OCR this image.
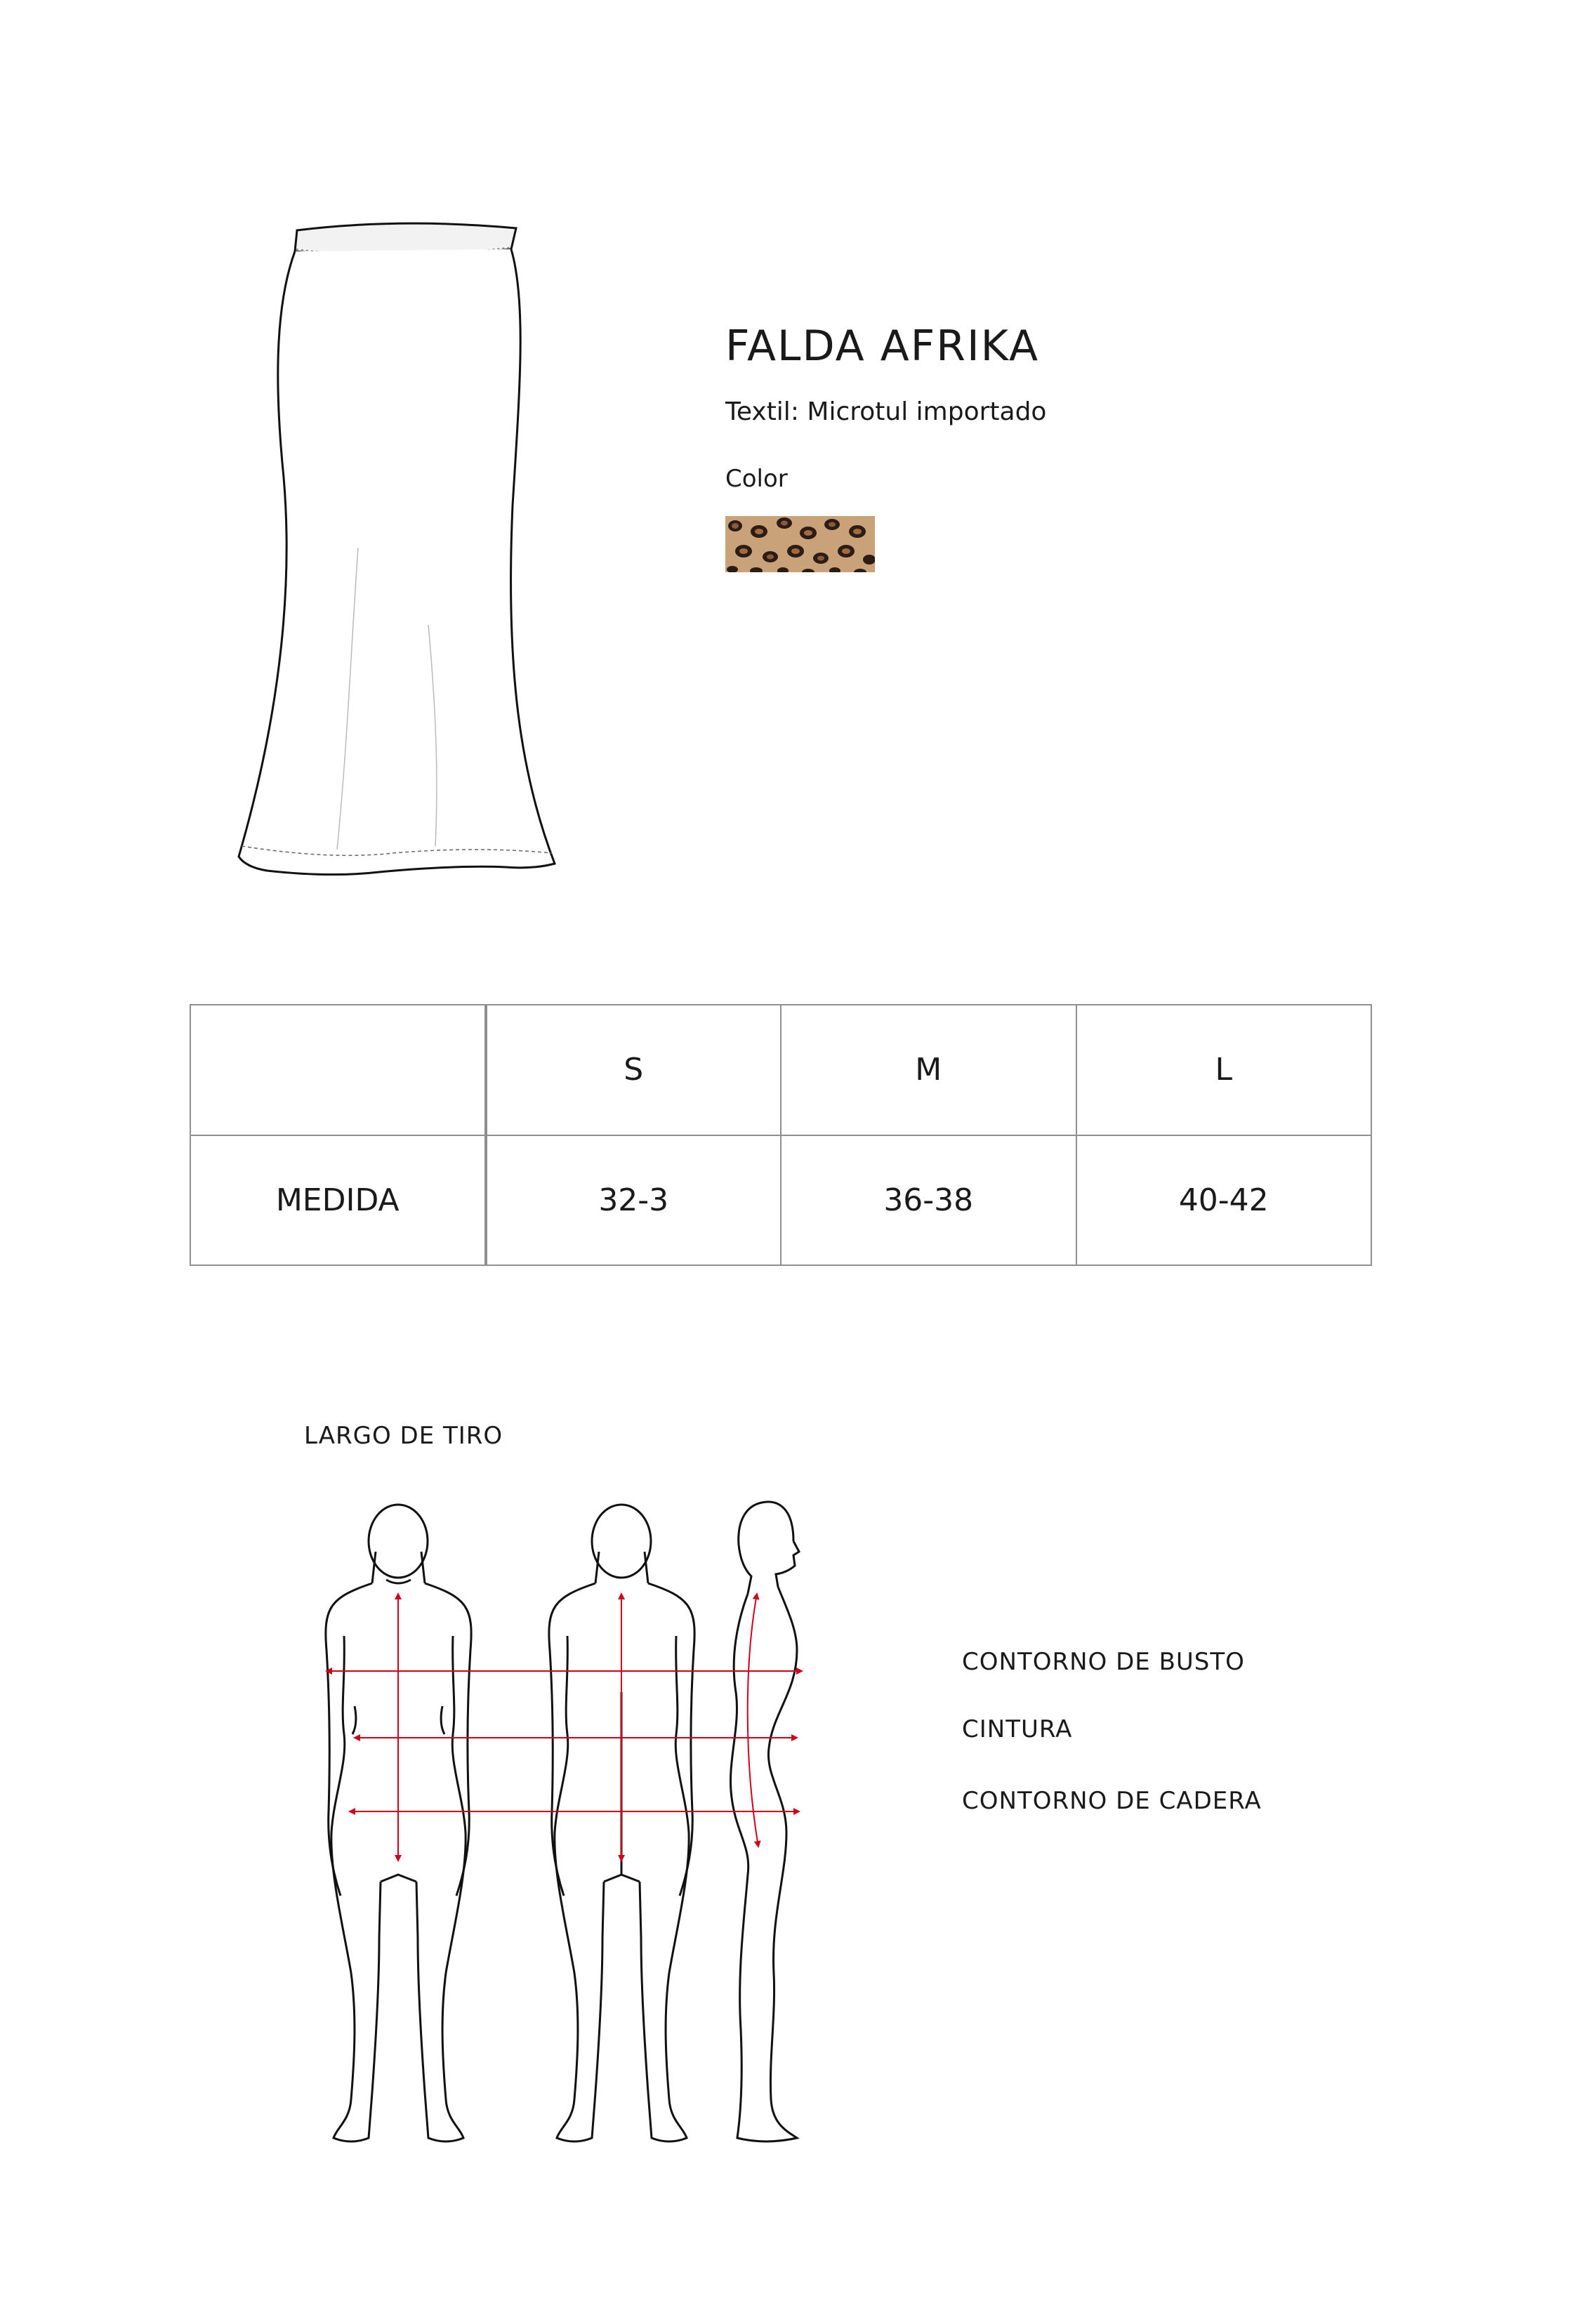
FALDA AFRIKA
Textil: Microtul importado
Color
	S	M	L
MEDIDA	32-3	36-38	40-42
LARGO DE TIRO
CONTORNO DE BUSTO
CINTURA
CONTORNO DE CADERA
